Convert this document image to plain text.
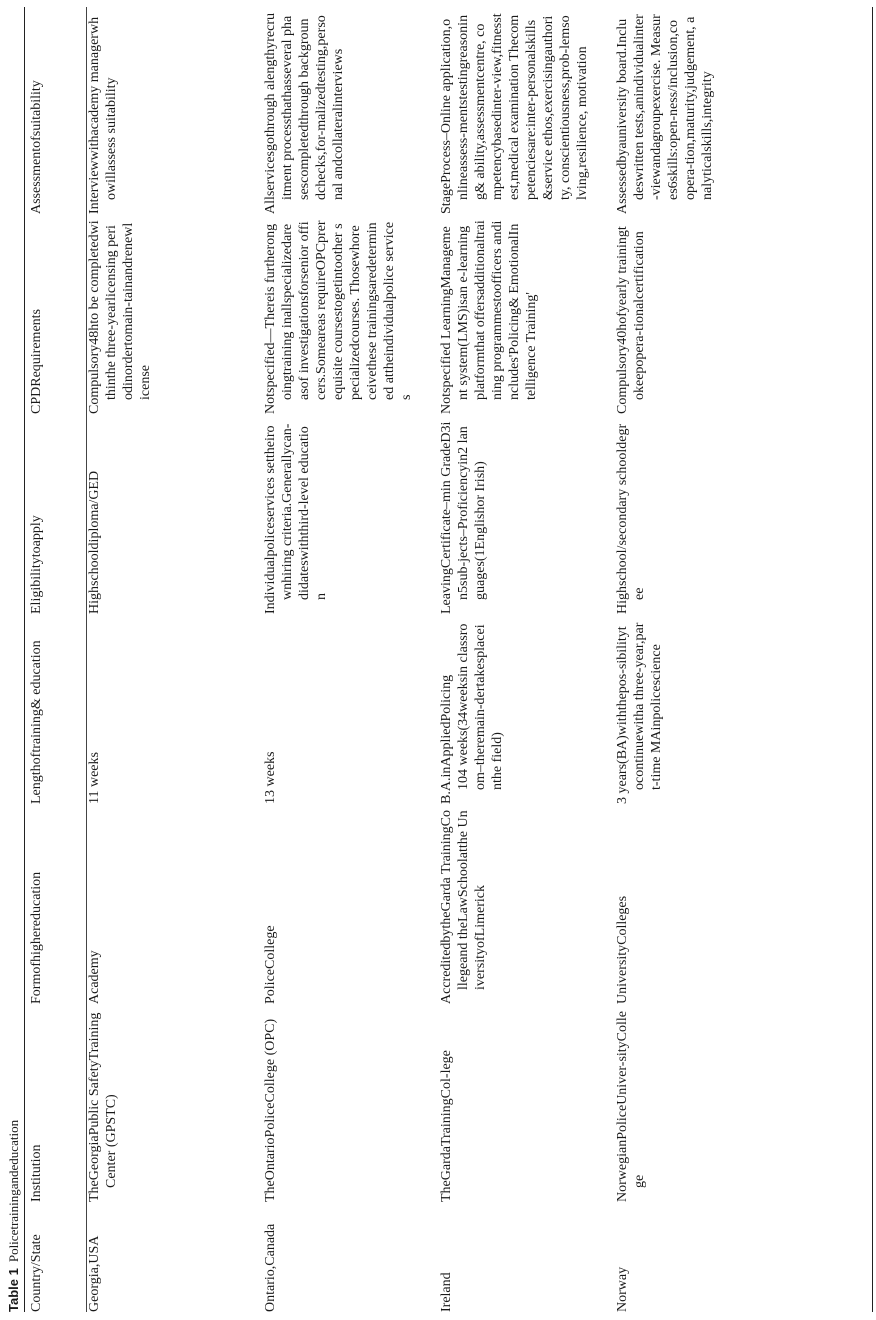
Table 1Policetrainingandeducation
Country/State	Institution	Formofhighereducation	Lengthoftraining& education	Eligibilitytoapply	CPDRequirements	Assessmentofsuitability
Georgia,USA	TheGeorgiaPublic SafetyTrainingCenter (GPSTC)	Academy	11 weeks	Highschooldiploma/GED	Compulsory48hto be completedwithinthe three-yearlicensing periodinordertomain-tainandrenewlicense	Interviewwithacademy managerwhowillassess suitability
Ontario,Canada	TheOntarioPoliceCollege (OPC)	PoliceCollege	13 weeks	Individualpoliceservices settheirownhiring criteria.Generallycan-didateswiththird-level education	Notspecified—Thereis furtherongoingtraining inallspecializedareasof investigationsforsenior officers.Someareas requireOPCprerequisite coursestogetintoother specializedcourses. Thosewhoreceivethese trainingsaredetermined attheindividualpolice services	Allservicesgothrough alengthyrecruitment processthathasseveral phasescompletedthrough backgroundchecks,for-malizedtesting,personal andcollateralinterviews
Ireland	TheGardaTrainingCol-lege	AccreditedbytheGarda TrainingCollegeand theLawSchoolatthe UniversityofLimerick	B.A.inAppliedPolicing 104 weeks(34weeksin classroom–theremain-dertakesplaceinthe field)	LeavingCertificate–min GradeD3in5sub-jects–Proficiencyin2 languages(1Englishor Irish)	Notspecified LearningManagement system(LMS)isan e-learningplatformthat offersadditionaltraining programmestoofficers andincludes'Policing& EmotionalIntelligence Training'	StageProcess–Online application,onlineassess-mentstestingreasoning& ability,assessmentcentre, competencybasedinter-view,fitnesstest,medical examination Thecompetenciesare:inter-personalskills&service ethos,exercisingauthority, conscientiousness,prob-lemsolving,resilience, motivation
Norway	NorwegianPoliceUniver-sityCollege	UniversityColleges	3 years(BA)withthepos-sibilitytocontinuewitha three-year,part-time MAinpolicescience	Highschool/secondary schooldegree	Compulsory40hofyearly trainingtokeepopera-tionalcertification	Assessedbyauniversity board.Includeswritten tests,anindividualinter-viewandagroupexercise. Measures6skills:open-ness/inclusion,coopera-tion,maturity,judgement, analyticalskills,integrity
